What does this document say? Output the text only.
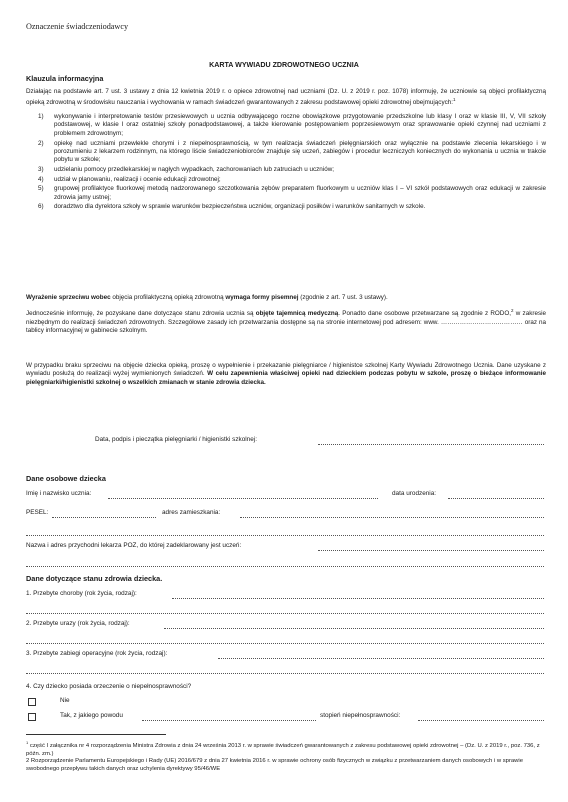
Oznaczenie świadczeniodawcy
KARTA WYWIADU ZDROWOTNEGO UCZNIA
Klauzula informacyjna
Działając na podstawie art. 7 ust. 3 ustawy z dnia 12 kwietnia 2019 r. o opiece zdrowotnej nad uczniami (Dz. U. z 2019 r. poz. 1078) informuję, że uczniowie są objęci profilaktyczną opieką zdrowotną w środowisku nauczania i wychowania w ramach świadczeń gwarantowanych z zakresu podstawowej opieki zdrowotnej obejmujących:$^1$
1)	wykonywanie i interpretowanie testów przesiewowych u ucznia odbywającego roczne obowiązkowe przygotowanie przedszkolne lub klasy I oraz w klasie III, V, VII szkoły podstawowej, w klasie I oraz ostatniej szkoły ponadpodstawowej, a także kierowanie postępowaniem poprzesiewowym oraz sprawowanie opieki czynnej nad uczniami z problemem zdrowotnym;
2)	opiekę nad uczniami przewlekle chorymi i z niepełnosprawnością, w tym realizacja świadczeń pielęgniarskich oraz wyłącznie na podstawie zlecenia lekarskiego i w porozumieniu z lekarzem rodzinnym, na którego liście świadczeniobiorców znajduje się uczeń, zabiegów i procedur leczniczych koniecznych do wykonania u ucznia w trakcie pobytu w szkole;
3)	udzielaniu pomocy przedlekarskiej w nagłych wypadkach, zachorowaniach lub zatruciach u uczniów;
4)	udział w planowaniu, realizacji i ocenie edukacji zdrowotnej;
5)	grupowej profilaktyce fluorkowej metodą nadzorowanego szczotkowania zębów preparatem fluorkowym u uczniów klas I – VI szkół podstawowych oraz edukacji w zakresie zdrowia jamy ustnej;
6)	doradztwo dla dyrektora szkoły w sprawie warunków bezpieczeństwa uczniów, organizacji posiłków i warunków sanitarnych w szkole.
Wyrażenie sprzeciwu wobec objęcia profilaktyczną opieką zdrowotną wymaga formy pisemnej (zgodnie z art. 7 ust. 3 ustawy).
Jednocześnie informuję, że pozyskane dane dotyczące stanu zdrowia ucznia są objęte tajemnicą medyczną. Ponadto dane osobowe przetwarzane są zgodnie z RODO,$^2$ w zakresie niezbędnym do realizacji świadczeń zdrowotnych. Szczegółowe zasady ich przetwarzania dostępne są na stronie internetowej pod adresem: www. ………………………………… oraz na tablicy informacyjnej w gabinecie szkolnym.
W przypadku braku sprzeciwu na objęcie dziecka opieką, proszę o wypełnienie i przekazanie pielęgniarce / higienistce szkolnej Karty Wywiadu Zdrowotnego Ucznia. Dane uzyskane z wywiadu posłużą do realizacji wyżej wymienionych świadczeń. W celu zapewnienia właściwej opieki nad dzieckiem podczas pobytu w szkole, proszę o bieżące informowanie pielęgniarki/higienistki szkolnej o wszelkich zmianach w stanie zdrowia dziecka.
Data, podpis i pieczątka pielęgniarki / higienistki szkolnej:
Dane osobowe dziecka
Imię i nazwisko ucznia:	data urodzenia:
PESEL:	adres zamieszkania:
Nazwa i adres przychodni lekarza POZ, do której zadeklarowany jest uczeń:
Dane dotyczące stanu zdrowia dziecka.
1. Przebyte choroby (rok życia, rodzaj):
2. Przebyte urazy (rok życia, rodzaj):
3. Przebyte zabiegi operacyjne (rok życia, rodzaj):
4. Czy dziecko posiada orzeczenie o niepełnosprawności?
Nie
Tak, z jakiego powodu	stopień niepełnosprawności:
$^1$ część I załącznika nr 4 rozporządzenia Ministra Zdrowia z dnia 24 września 2013 r. w sprawie świadczeń gwarantowanych z zakresu podstawowej opieki zdrowotnej – (Dz. U. z 2019 r., poz. 736, z późn. zm.)
2 Rozporządzenie Parlamentu Europejskiego i Rady (UE) 2016/679 z dnia 27 kwietnia 2016 r. w sprawie ochrony osób fizycznych w związku z przetwarzaniem danych osobowych i w sprawie swobodnego przepływu takich danych oraz uchylenia dyrektywy 95/46/WE
